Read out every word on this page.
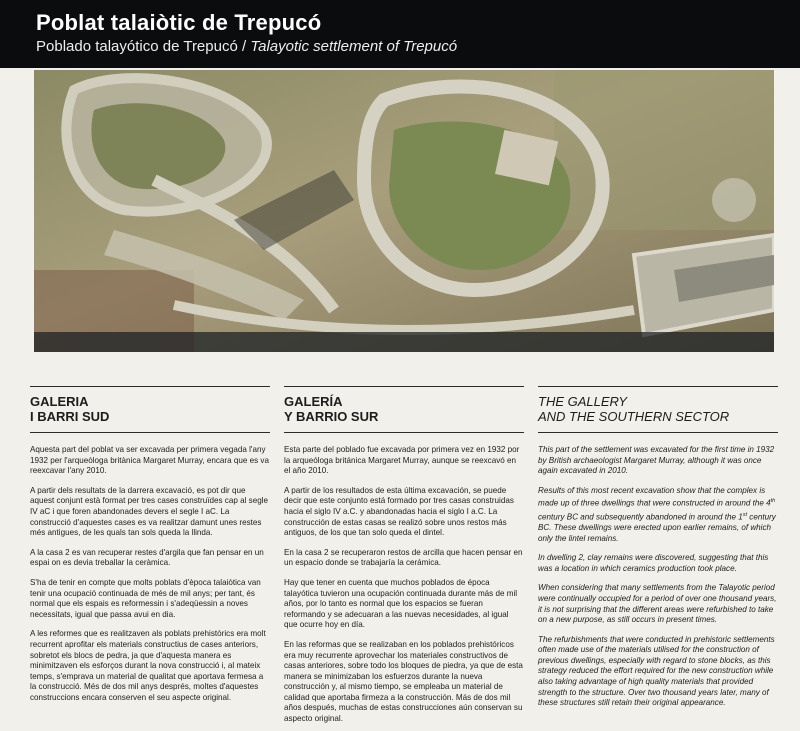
Poblat talaiòtic de Trepucó
Poblado talayótico de Trepucó / Talayotic settlement of Trepucó
GALERIA
I BARRI SUD

Aquesta part del poblat va ser excavada per primera vegada l'any 1932 per l'arqueòloga britànica Margaret Murray, encara que es va reexcavar l'any 2010.

A partir dels resultats de la darrera excavació, es pot dir que aquest conjunt està format per tres cases construïdes cap al segle IV aC i que foren abandonades devers el segle I aC. La construcció d'aquestes cases es va realitzar damunt unes restes més antigues, de les quals tan sols queda la llinda.

A la casa 2 es van recuperar restes d'argila que fan pensar en un espai on es devia treballar la ceràmica.

S'ha de tenir en compte que molts poblats d'època talaiòtica van tenir una ocupació continuada de més de mil anys; per tant, és normal que els espais es reformessin i s'adeqüessin a noves necessitats, igual que passa avui en dia.

A les reformes que es realitzaven als poblats prehistòrics era molt recurrent aprofitar els materials constructius de cases anteriors, sobretot els blocs de pedra, ja que d'aquesta manera es minimitzaven els esforços durant la nova construcció i, al mateix temps, s'emprava un material de qualitat que aportava fermesa a la construcció. Més de dos mil anys després, moltes d'aquestes construccions encara conserven el seu aspecte original.

GALERÍA
Y BARRIO SUR

Esta parte del poblado fue excavada por primera vez en 1932 por la arqueóloga británica Margaret Murray, aunque se reexcavó en el año 2010.

A partir de los resultados de esta última excavación, se puede decir que este conjunto está formado por tres casas construidas hacia el siglo IV a.C. y abandonadas hacia el siglo I a.C. La construcción de estas casas se realizó sobre unos restos más antiguos, de los que tan solo queda el dintel.

En la casa 2 se recuperaron restos de arcilla que hacen pensar en un espacio donde se trabajaría la cerámica.

Hay que tener en cuenta que muchos poblados de época talayótica tuvieron una ocupación continuada durante más de mil años, por lo tanto es normal que los espacios se fueran reformando y se adecuaran a las nuevas necesidades, al igual que ocurre hoy en día.

En las reformas que se realizaban en los poblados prehistóricos era muy recurrente aprovechar los materiales constructivos de casas anteriores, sobre todo los bloques de piedra, ya que de esta manera se minimizaban los esfuerzos durante la nueva construcción y, al mismo tiempo, se empleaba un material de calidad que aportaba firmeza a la construcción. Más de dos mil años después, muchas de estas construcciones aún conservan su aspecto original.

THE GALLERY
AND THE SOUTHERN SECTOR

This part of the settlement was excavated for the first time in 1932 by British archaeologist Margaret Murray, although it was once again excavated in 2010.

Results of this most recent excavation show that the complex is made up of three dwellings that were constructed in around the 4th century BC and subsequently abandoned in around the 1st century BC. These dwellings were erected upon earlier remains, of which only the lintel remains.

In dwelling 2, clay remains were discovered, suggesting that this was a location in which ceramics production took place.

When considering that many settlements from the Talayotic period were continually occupied for a period of over one thousand years, it is not surprising that the different areas were refurbished to take on a new purpose, as still occurs in present times.

The refurbishments that were conducted in prehistoric settlements often made use of the materials utilised for the construction of previous dwellings, especially with regard to stone blocks, as this strategy reduced the effort required for the new construction while also taking advantage of high quality materials that provided strength to the structure. Over two thousand years later, many of these structures still retain their original appearance.
